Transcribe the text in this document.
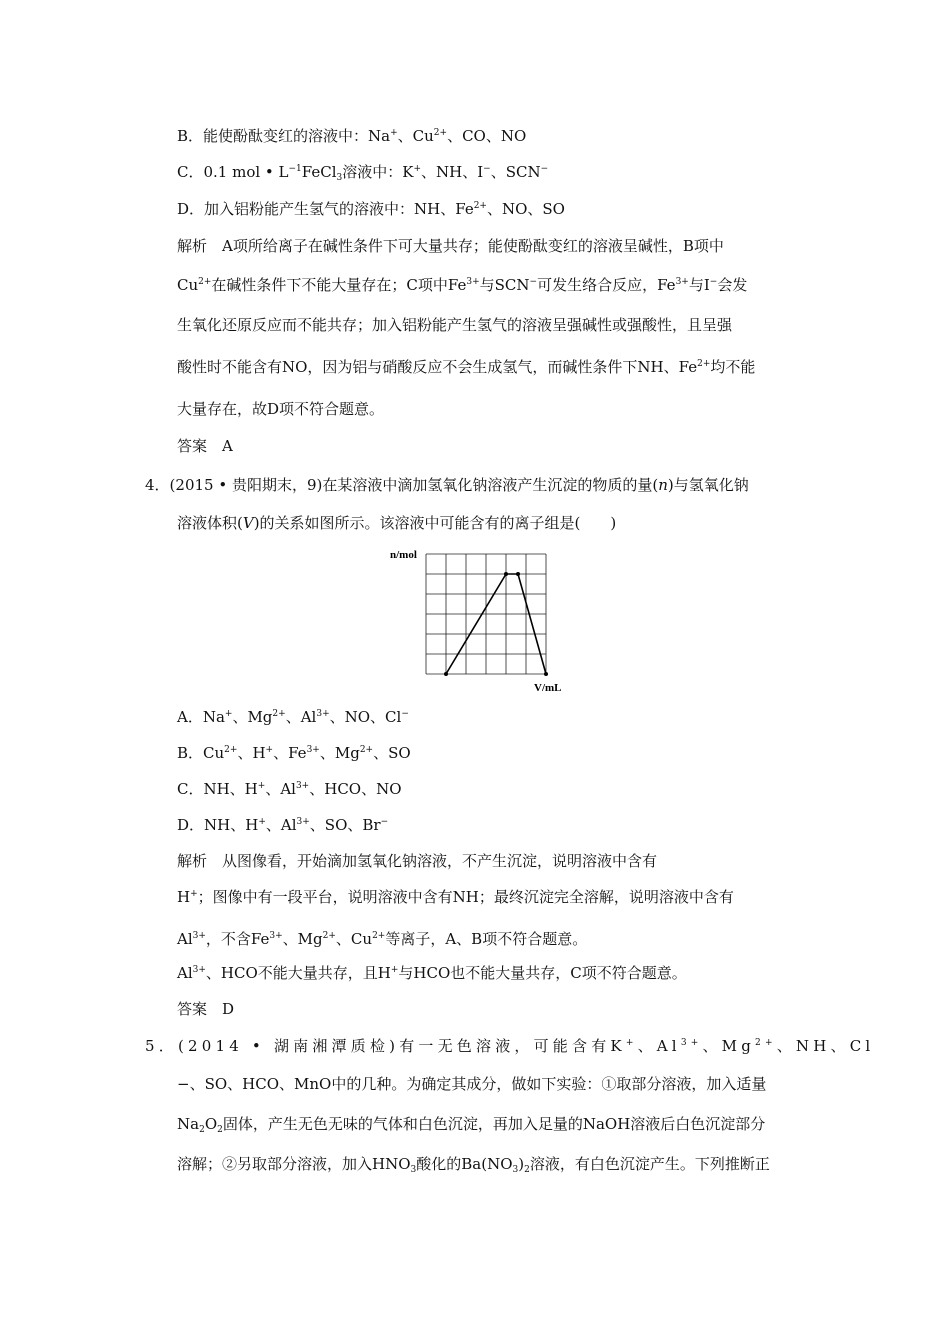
B．能使酚酞变红的溶液中：Na+、$Cu^{2+}$、CO、NO
C．0.1 mol • $L^{-1}FeCl_3$溶液中：K+、NH、I−、SCN−
D．加入铝粉能产生氢气的溶液中：NH、$Fe^{2+}$、NO、SO
解析　A项所给离子在碱性条件下可大量共存；能使酚酞变红的溶液呈碱性，B项中
$Cu^{2+}$在碱性条件下不能大量存在；C项中$Fe^{3+}$与SCN−可发生络合反应，$Fe^{3+}$与I−会发
生氧化还原反应而不能共存；加入铝粉能产生氢气的溶液呈强碱性或强酸性，且呈强
酸性时不能含有NO，因为铝与硝酸反应不会生成氢气，而碱性条件下NH、$Fe^{2+}$均不能
大量存在，故D项不符合题意。
答案　A
4．(2015 • 贵阳期末，9)在某溶液中滴加氢氧化钠溶液产生沉淀的物质的量(n)与氢氧化钠
溶液体积(V)的关系如图所示。该溶液中可能含有的离子组是(　　)
n/mol
V/mL
A．Na+、$Mg^{2+}$、$Al^{3+}$、NO、Cl−
B．$Cu^{2+}$、H+、$Fe^{3+}$、$Mg^{2+}$、SO
C．NH、H+、$Al^{3+}$、HCO、NO
D．NH、H+、$Al^{3+}$、SO、Br−
解析　从图像看，开始滴加氢氧化钠溶液，不产生沉淀，说明溶液中含有
H+；图像中有一段平台，说明溶液中含有NH；最终沉淀完全溶解，说明溶液中含有
$Al^{3+}$，不含$Fe^{3+}$、$Mg^{2+}$、$Cu^{2+}$等离子，A、B项不符合题意。
$Al^{3+}$、HCO不能大量共存，且H+与HCO也不能大量共存，C项不符合题意。
答案　D
5．(2014 • 湖南湘潭质检)有一无色溶液，可能含有K+、$Al^{3+}$、$Mg^{2+}$、NH、Cl
−、SO、HCO、MnO中的几种。为确定其成分，做如下实验：①取部分溶液，加入适量
$Na_2O_2$固体，产生无色无味的气体和白色沉淀，再加入足量的NaOH溶液后白色沉淀部分
溶解；②另取部分溶液，加入$HNO_3$酸化的$Ba(NO_3)_2$溶液，有白色沉淀产生。下列推断正
